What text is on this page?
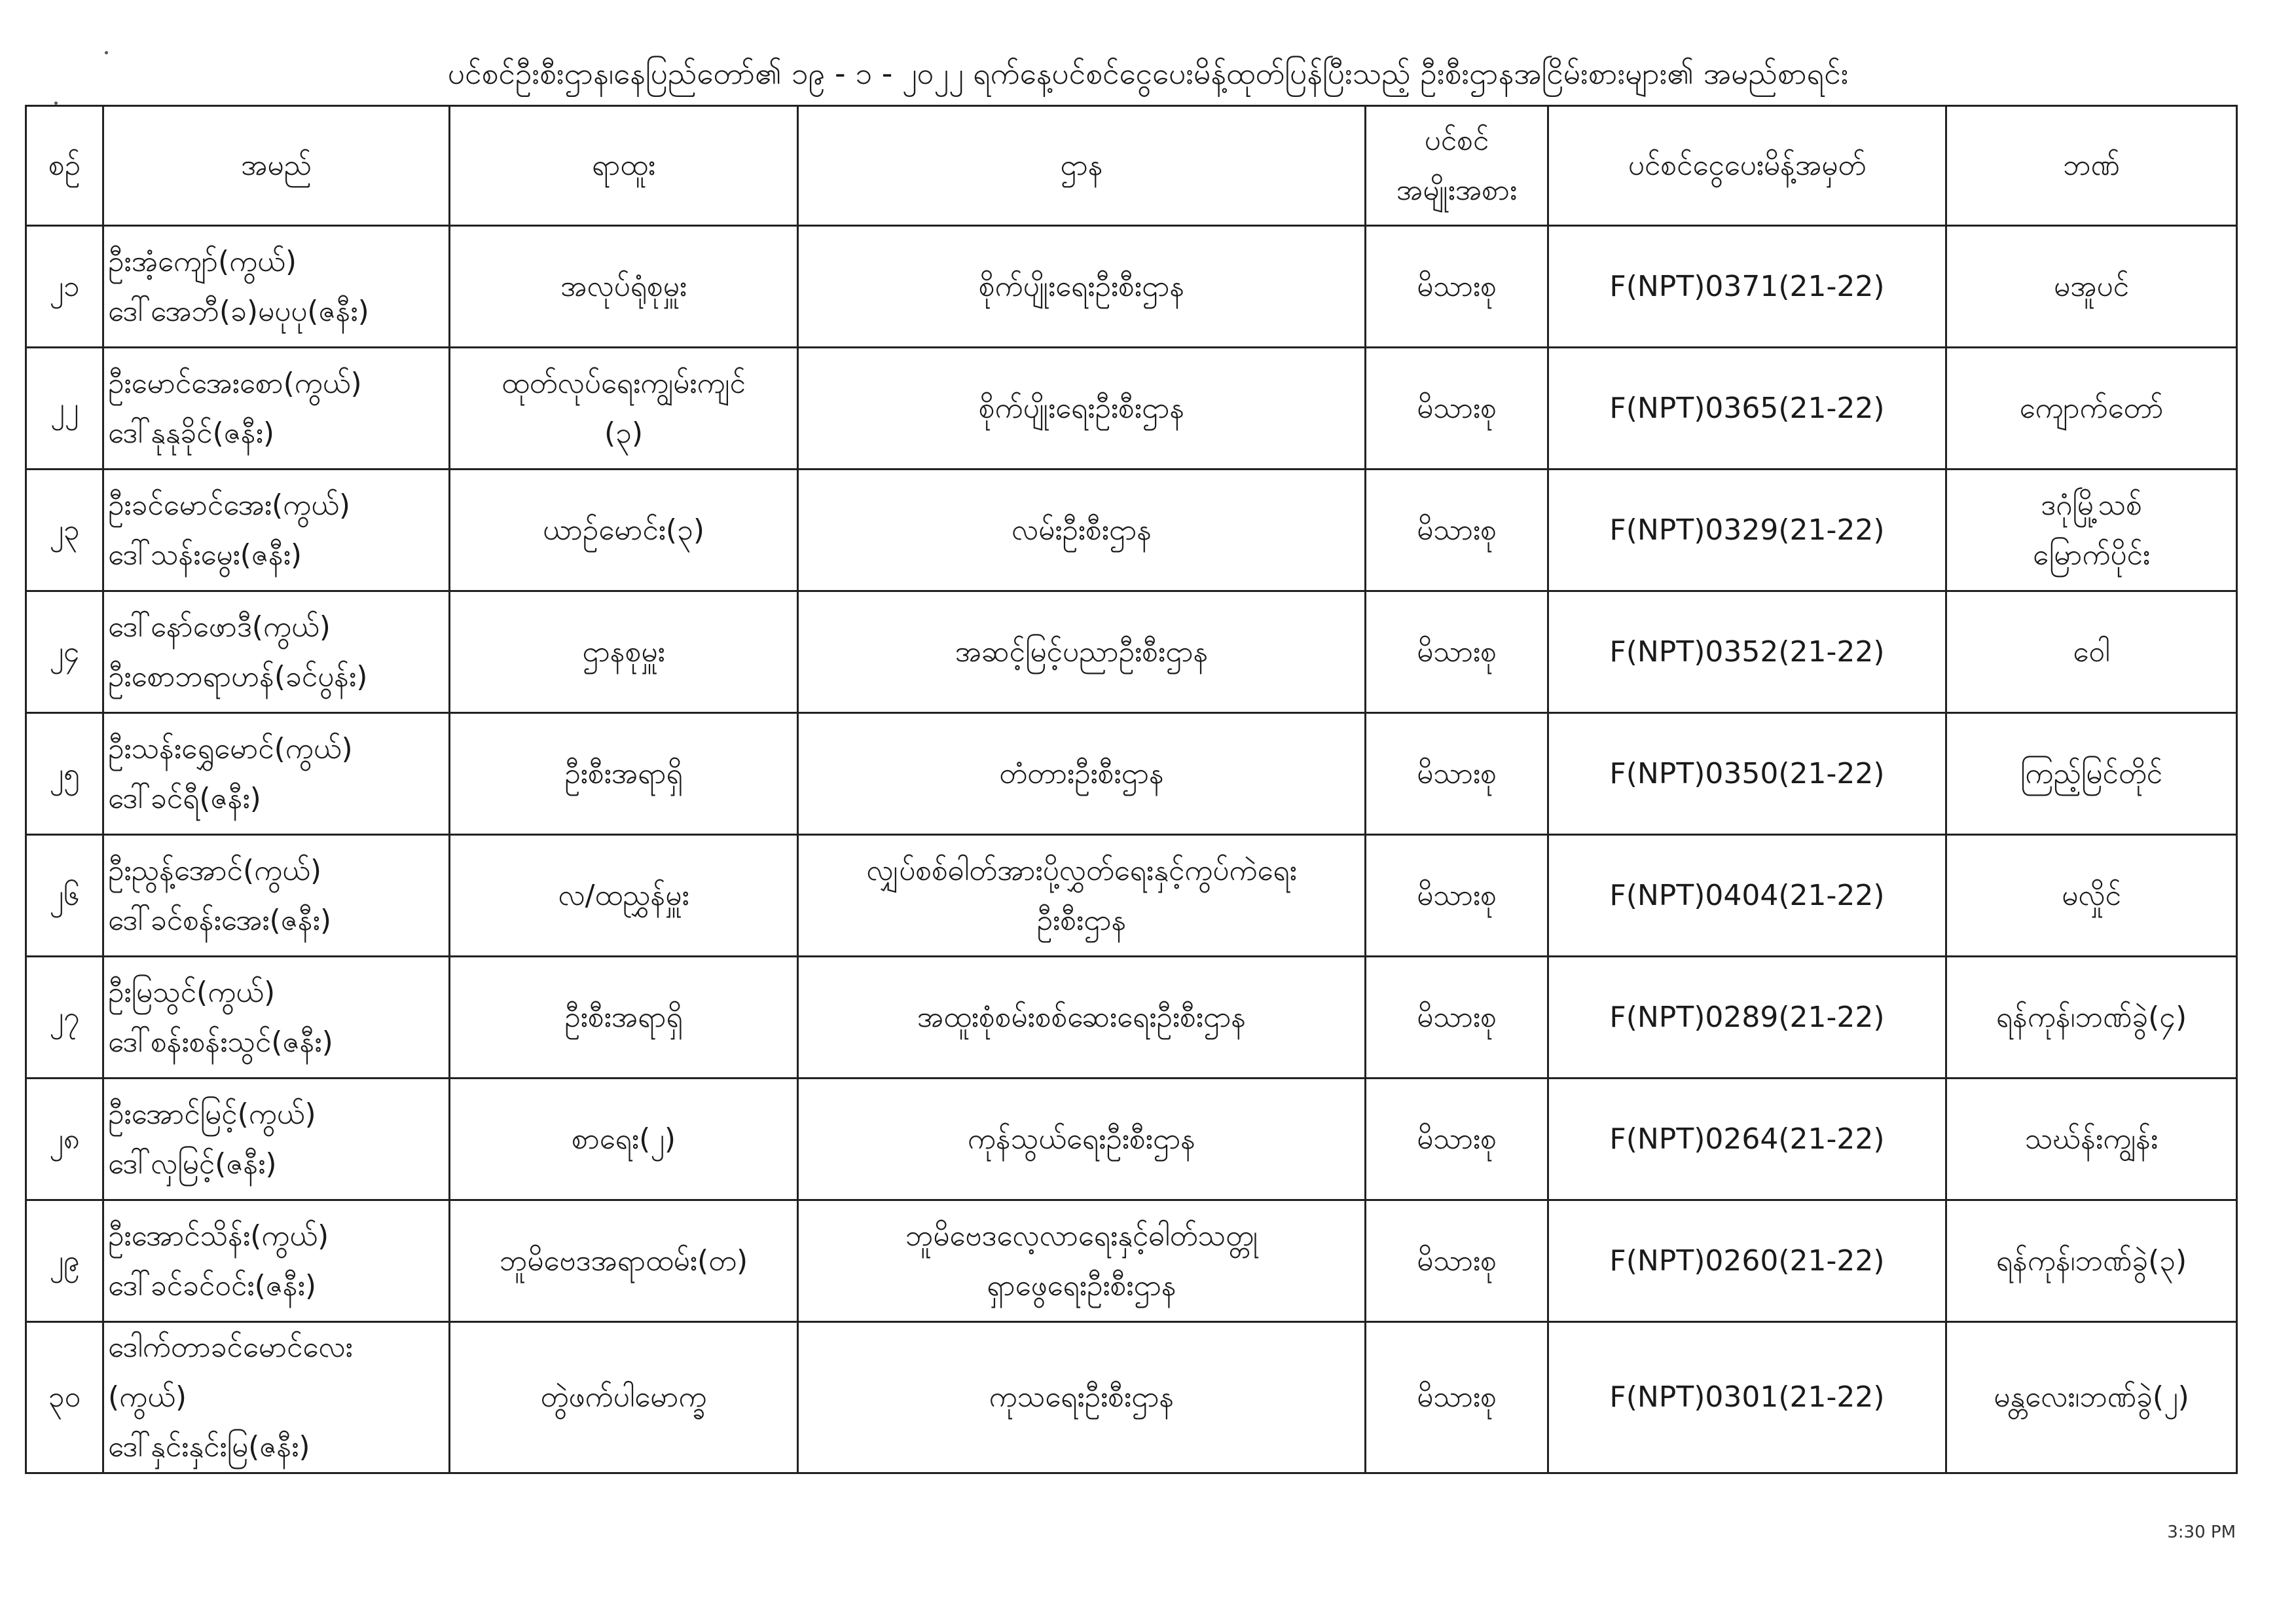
ပင်စင်ဦးစီးဌာန၊နေပြည်တော်၏ ၁၉ - ၁ - ၂၀၂၂ ရက်နေ့ပင်စင်ငွေပေးမိန့်ထုတ်ပြန်ပြီးသည့် ဦးစီးဌာနအငြိမ်းစားများ၏ အမည်စာရင်း
စဉ်	အမည်	ရာထူး	ဌာန	ပင်စင်
အမျိုးအစား	ပင်စင်ငွေပေးမိန့်အမှတ်	ဘဏ်
၂၁	ဦးအံ့ကျော်(ကွယ်)
ဒေါ်အေဘီ(ခ)မပုပု(ဇနီး)	အလုပ်ရုံစုမှူး	စိုက်ပျိုးရေးဦးစီးဌာန	မိသားစု	F(NPT)0371(21-22)	မအူပင်

၂၂	ဦးမောင်အေးစော(ကွယ်)
ဒေါ်နုနုခိုင်(ဇနီး)	ထုတ်လုပ်ရေးကျွမ်းကျင်
(၃)	စိုက်ပျိုးရေးဦးစီးဌာန	မိသားစု	F(NPT)0365(21-22)	ကျောက်တော်

၂၃	ဦးခင်မောင်အေး(ကွယ်)
ဒေါ်သန်းမွေး(ဇနီး)	ယာဉ်မောင်း(၃)	လမ်းဦးစီးဌာန	မိသားစု	F(NPT)0329(21-22)	ဒဂုံမြို့သစ်
မြောက်ပိုင်း

၂၄	ဒေါ်နော်ဖောဒီ(ကွယ်)
ဦးစောဘရာဟန်(ခင်ပွန်း)	ဌာနစုမှူး	အဆင့်မြင့်ပညာဦးစီးဌာန	မိသားစု	F(NPT)0352(21-22)	ဝေါ

၂၅	ဦးသန်းရွှေမောင်(ကွယ်)
ဒေါ်ခင်ရီ(ဇနီး)	ဦးစီးအရာရှိ	တံတားဦးစီးဌာန	မိသားစု	F(NPT)0350(21-22)	ကြည့်မြင်တိုင်

၂၆	ဦးညွန့်အောင်(ကွယ်)
ဒေါ်ခင်စန်းအေး(ဇနီး)	လ/ထညွှန်မှူး	လျှပ်စစ်ဓါတ်အားပို့လွှတ်ရေးနှင့်ကွပ်ကဲရေး
ဦးစီးဌာန	မိသားစု	F(NPT)0404(21-22)	မလှိုင်

၂၇	ဦးမြသွင်(ကွယ်)
ဒေါ်စန်းစန်းသွင်(ဇနီး)	ဦးစီးအရာရှိ	အထူးစုံစမ်းစစ်ဆေးရေးဦးစီးဌာန	မိသားစု	F(NPT)0289(21-22)	ရန်ကုန်၊ဘဏ်ခွဲ(၄)

၂၈	ဦးအောင်မြင့်(ကွယ်)
ဒေါ်လှမြင့်(ဇနီး)	စာရေး(၂)	ကုန်သွယ်ရေးဦးစီးဌာန	မိသားစု	F(NPT)0264(21-22)	သဃ်န်းကျွန်း

၂၉	ဦးအောင်သိန်း(ကွယ်)
ဒေါ်ခင်ခင်ဝင်း(ဇနီး)	ဘူမိဗေဒအရာထမ်း(တ)	ဘူမိဗေဒလေ့လာရေးနှင့်ဓါတ်သတ္တု
ရှာဖွေရေးဦးစီးဌာန	မိသားစု	F(NPT)0260(21-22)	ရန်ကုန်၊ဘဏ်ခွဲ(၃)

၃၀	ဒေါက်တာခင်မောင်လေး
(ကွယ်)
ဒေါ်နှင်းနှင်းမြ(ဇနီး)	တွဲဖက်ပါမောက္ခ	ကုသရေးဦးစီးဌာန	မိသားစု	F(NPT)0301(21-22)	မန္တလေး၊ဘဏ်ခွဲ(၂)
3:30 PM
